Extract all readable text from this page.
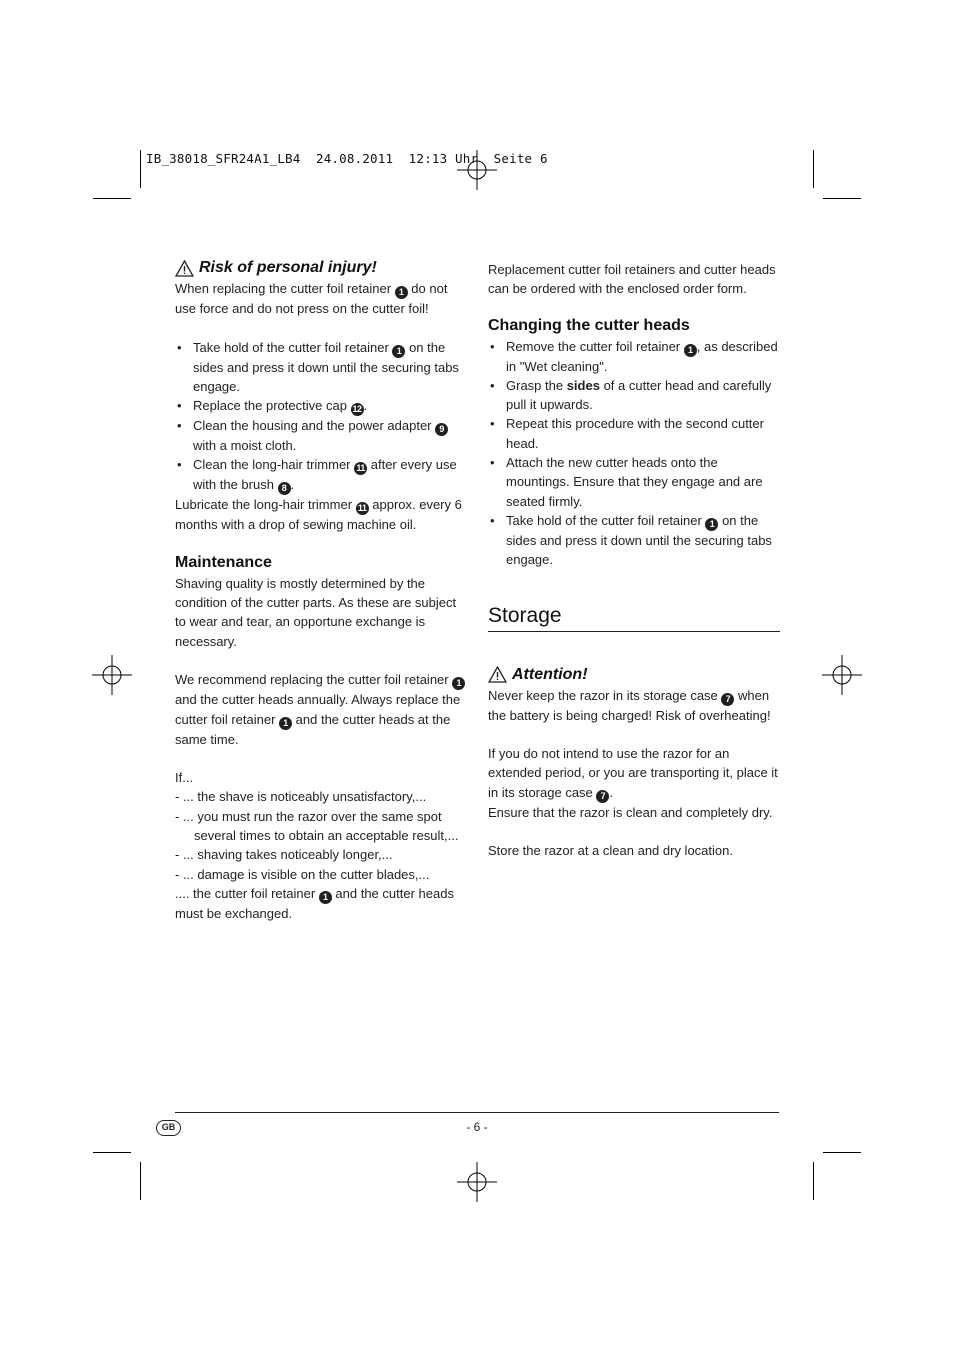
IB_38018_SFR24A1_LB4  24.08.2011  12:13 Uhr  Seite 6
Risk of personal injury!

When replacing the cutter foil retainer 1 do not use force and do not press on the cutter foil!

• Take hold of the cutter foil retainer 1 on the sides and press it down until the securing tabs engage.
• Replace the protective cap 12 .
• Clean the housing and the power adapter 9 with a moist cloth.
• Clean the long-hair trimmer 11 after every use with the brush 8 .

Lubricate the long-hair trimmer 11 approx. every 6 months with a drop of sewing machine oil.

Maintenance

Shaving quality is mostly determined by the condition of the cutter parts. As these are subject to wear and tear, an opportune exchange is necessary.

We recommend replacing the cutter foil retainer 1 and the cutter heads annually. Always replace the cutter foil retainer 1 and the cutter heads at the same time.

If...

- ... the shave is noticeably unsatisfactory,...
- ... you must run the razor over the same spot several times to obtain an acceptable result,...
- ... shaving takes noticeably longer,...
- ... damage is visible on the cutter blades,...

.... the cutter foil retainer 1 and the cutter heads must be exchanged.

Replacement cutter foil retainers and cutter heads can be ordered with the enclosed order form.

Changing the cutter heads
• Remove the cutter foil retainer 1 , as described in "Wet cleaning".
• Grasp the sides of a cutter head and carefully pull it upwards.
• Repeat this procedure with the second cutter head.
• Attach the new cutter heads onto the mountings. Ensure that they engage and are seated firmly.
• Take hold of the cutter foil retainer 1 on the sides and press it down until the securing tabs engage.
Storage
Attention!

Never keep the razor in its storage case 7 when the battery is being charged! Risk of overheating!

If you do not intend to use the razor for an extended period, or you are transporting it, place it in its storage case 7 .

Ensure that the razor is clean and completely dry.

Store the razor at a clean and dry location.

GB	- 6 -
